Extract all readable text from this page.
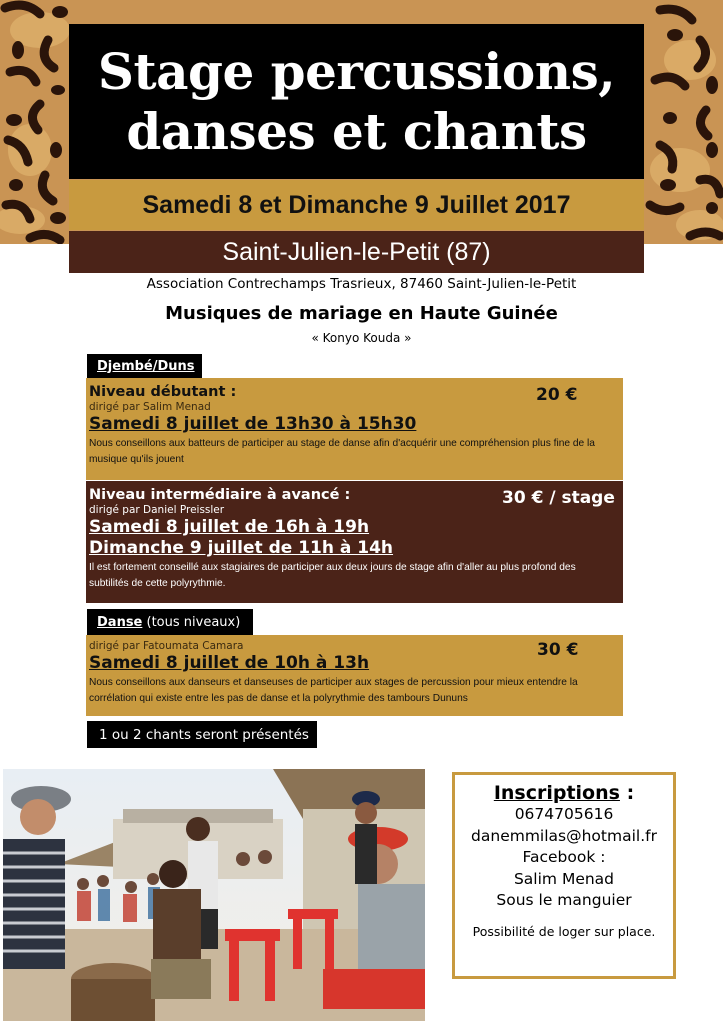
Stage percussions,
danses et chants
Samedi 8 et Dimanche 9 Juillet 2017
Saint-Julien-le-Petit (87)
Association Contrechamps Trasrieux, 87460 Saint-Julien-le-Petit
Musiques de mariage en Haute Guinée
« Konyo Kouda »
Djembé/Duns
Niveau débutant :
dirigé par Salim Menad
Samedi 8 juillet de 13h30 à 15h30
Nous conseillons aux batteurs de participer au stage de danse afin d'acquérir une compréhension plus fine de la musique qu'ils jouent
20 €
Niveau intermédiaire à avancé :
dirigé par Daniel Preissler
Samedi 8 juillet de 16h à 19h
Dimanche 9 juillet de 11h à 14h
Il est fortement conseillé aux stagiaires de participer aux deux jours de stage afin d'aller au plus profond des subtilités de cette polyrythmie.
30 € / stage
Danse
(tous niveaux)
dirigé par Fatoumata Camara
Samedi 8 juillet de 10h à 13h
Nous conseillons aux danseurs et danseuses de participer aux stages de percussion pour mieux entendre la corrélation qui existe entre les pas de danse et la polyrythmie des tambours Dununs
30 €
1 ou 2 chants seront présentés
Inscriptions :
0674705616
danemmilas@hotmail.fr
Facebook :
Salim Menad
Sous le manguier
Possibilité de loger sur place.
